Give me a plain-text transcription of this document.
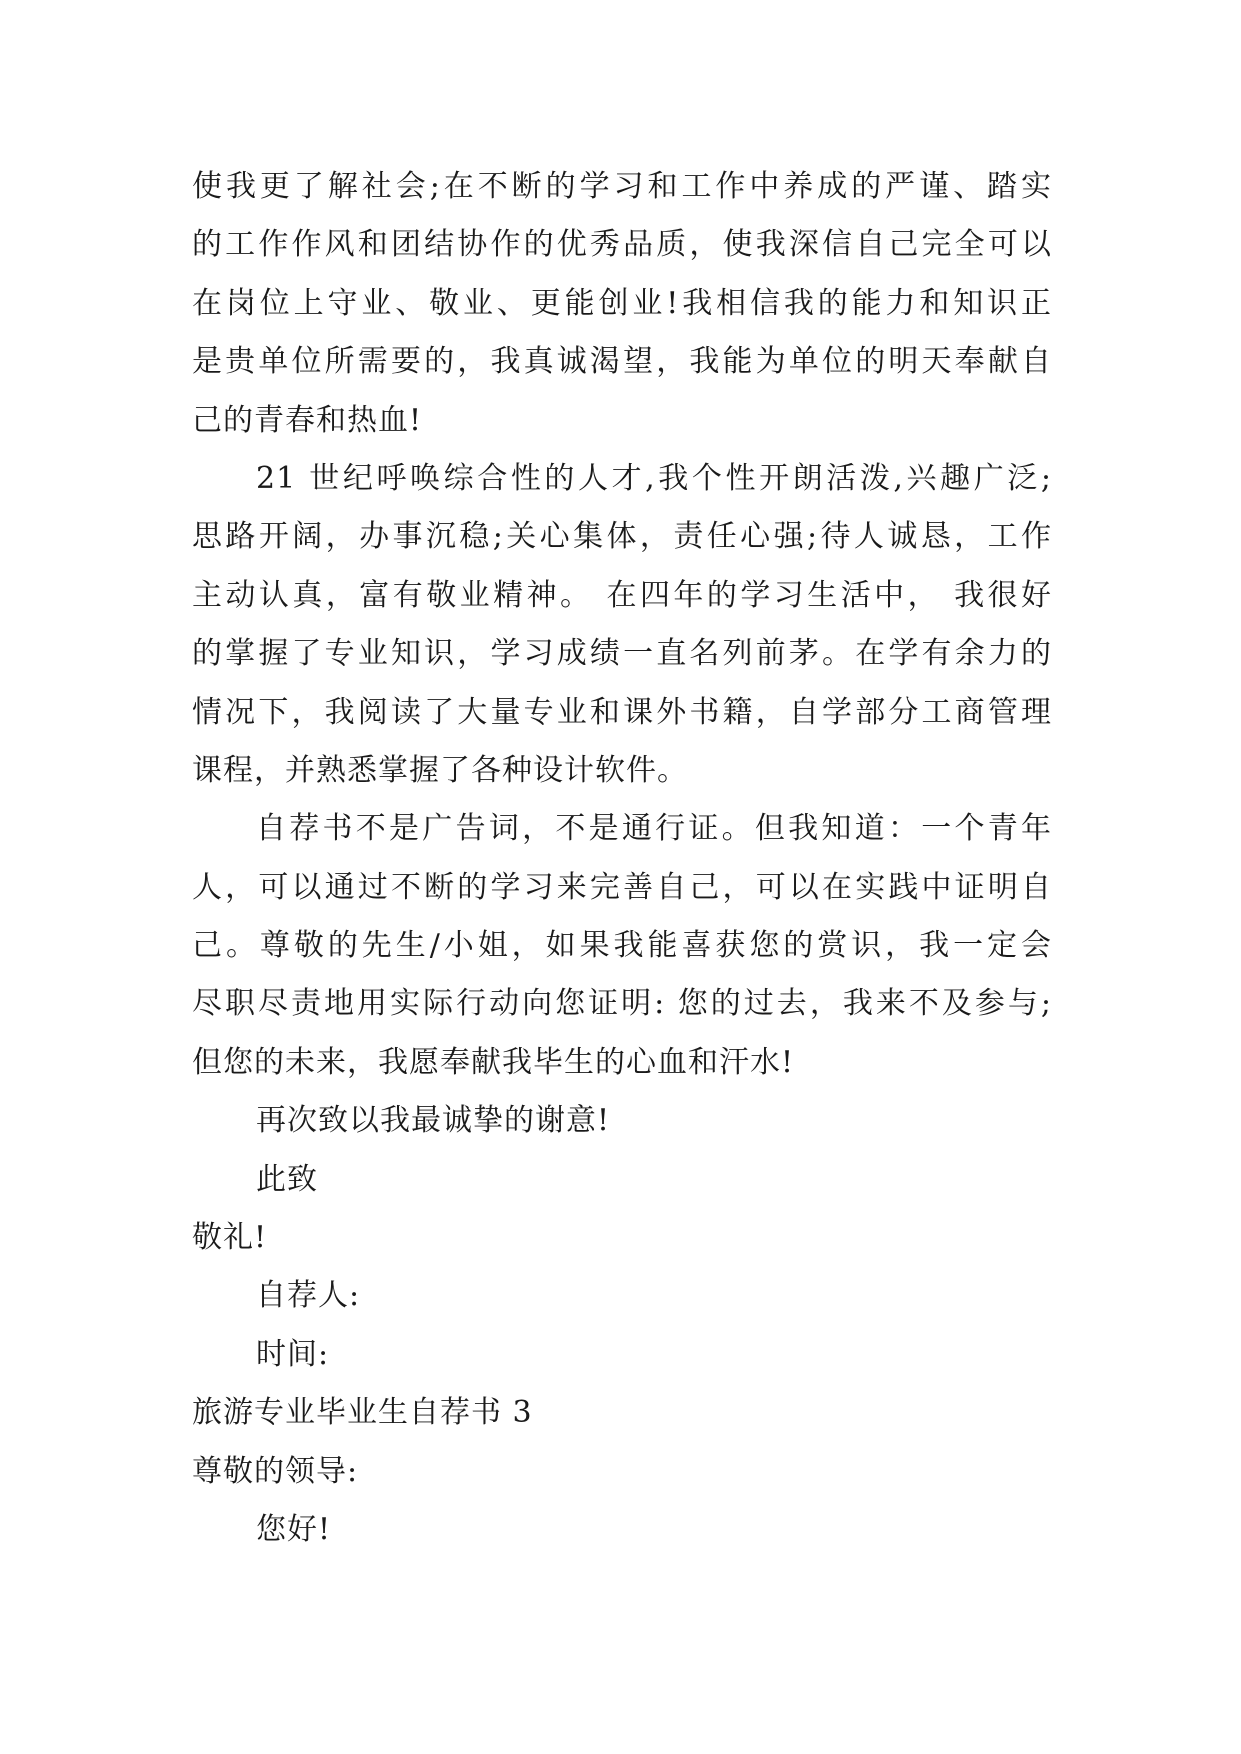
使我更了解社会;在不断的学习和工作中养成的严谨、踏实
的工作作风和团结协作的优秀品质，使我深信自己完全可以
在岗位上守业、敬业、更能创业!我相信我的能力和知识正
是贵单位所需要的，我真诚渴望，我能为单位的明天奉献自
己的青春和热血!
21 世纪呼唤综合性的人才,我个性开朗活泼,兴趣广泛;
思路开阔，办事沉稳;关心集体，责任心强;待人诚恳，工作
主动认真，富有敬业精神。 在四年的学习生活中， 我很好
的掌握了专业知识，学习成绩一直名列前茅。在学有余力的
情况下，我阅读了大量专业和课外书籍，自学部分工商管理
课程，并熟悉掌握了各种设计软件。
自荐书不是广告词，不是通行证。但我知道：一个青年
人，可以通过不断的学习来完善自己，可以在实践中证明自
己。尊敬的先生/小姐，如果我能喜获您的赏识，我一定会
尽职尽责地用实际行动向您证明: 您的过去，我来不及参与;
但您的未来，我愿奉献我毕生的心血和汗水!
再次致以我最诚挚的谢意!
此致
敬礼!
自荐人:
时间:
旅游专业毕业生自荐书 3
尊敬的领导:
您好!
